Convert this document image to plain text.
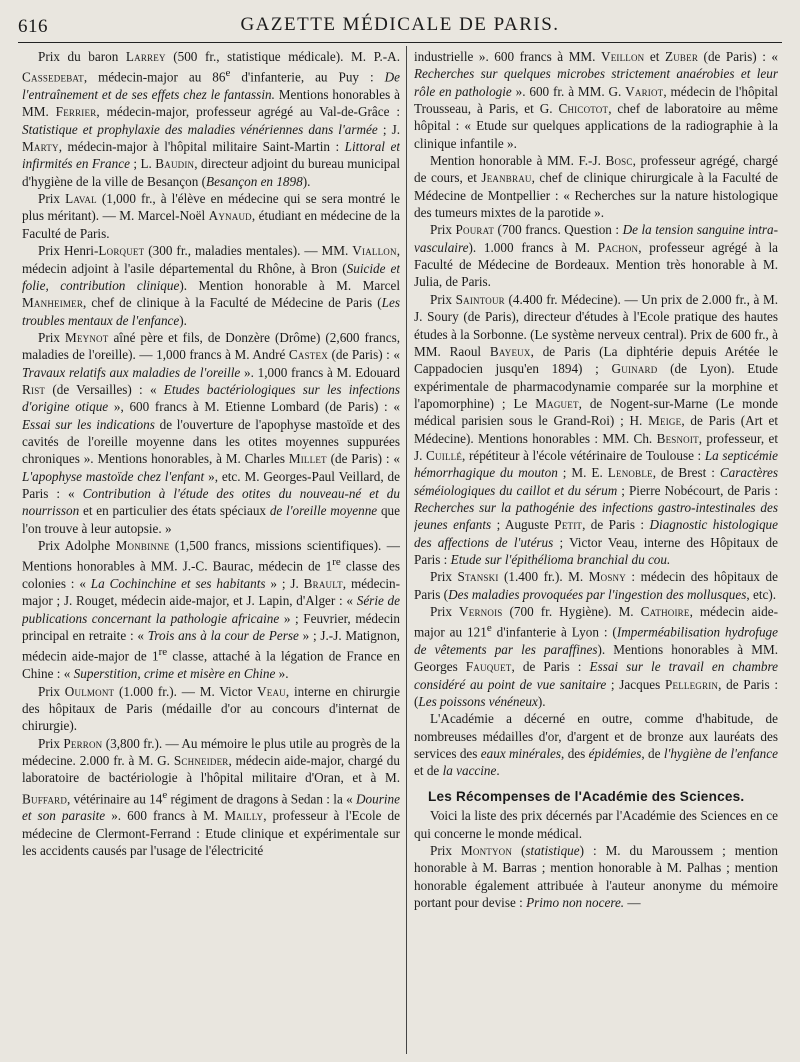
616	GAZETTE MÉDICALE DE PARIS.

Prix du baron Larrey (500 fr., statistique médicale). M. P.-A. Cassedebat, médecin-major au 86e d'infanterie, au Puy : De l'entraînement et de ses effets chez le fantassin. Mentions honorables à MM. Ferrier, médecin-major, professeur agrégé au Val-de-Grâce : Statistique et prophylaxie des maladies vénériennes dans l'armée ; J. Marty, médecin-major à l'hôpital militaire Saint-Martin : Littoral et infirmités en France ; L. Baudin, directeur adjoint du bureau municipal d'hygiène de la ville de Besançon (Besançon en 1898).

Prix Laval (1,000 fr., à l'élève en médecine qui se sera montré le plus méritant). — M. Marcel-Noël Aynaud, étudiant en médecine de la Faculté de Paris.

Prix Henri-Lorquet (300 fr., maladies mentales). — MM. Viallon, médecin adjoint à l'asile départemental du Rhône, à Bron (Suicide et folie, contribution clinique). Mention honorable à M. Marcel Manheimer, chef de clinique à la Faculté de Médecine de Paris (Les troubles mentaux de l'enfance).

Prix Meynot aîné père et fils, de Donzère (Drôme) (2,600 francs, maladies de l'oreille). — 1,000 francs à M. André Castex (de Paris) : « Travaux relatifs aux maladies de l'oreille ». 1,000 francs à M. Edouard Rist (de Versailles) : « Etudes bactériologiques sur les infections d'origine otique », 600 francs à M. Etienne Lombard (de Paris) : « Essai sur les indications de l'ouverture de l'apophyse mastoïde et des cavités de l'oreille moyenne dans les otites moyennes suppurées chroniques ». Mentions honorables, à M. Charles Millet (de Paris) : « L'apophyse mastoïde chez l'enfant », etc. M. Georges-Paul Veillard, de Paris : « Contribution à l'étude des otites du nouveau-né et du nourrisson et en particulier des états spéciaux de l'oreille moyenne que l'on trouve à leur autopsie. »

Prix Adolphe Monbinne (1,500 francs, missions scientifiques). — Mentions honorables à MM. J.-C. Baurac, médecin de 1re classe des colonies : « La Cochinchine et ses habitants » ; J. Brault, médecin-major ; J. Rouget, médecin aide-major, et J. Lapin, d'Alger : « Série de publications concernant la pathologie africaine » ; Feuvrier, médecin principal en retraite : « Trois ans à la cour de Perse » ; J.-J. Matignon, médecin aide-major de 1re classe, attaché à la légation de France en Chine : « Superstition, crime et misère en Chine ».

Prix Oulmont (1.000 fr.). — M. Victor Veau, interne en chirurgie des hôpitaux de Paris (médaille d'or au concours d'internat de chirurgie).

Prix Perron (3,800 fr.). — Au mémoire le plus utile au progrès de la médecine. 2.000 fr. à M. G. Schneider, médecin aide-major, chargé du laboratoire de bactériologie à l'hôpital militaire d'Oran, et à M. Buffard, vétérinaire au 14e régiment de dragons à Sedan : la « Dourine et son parasite ». 600 francs à M. Mailly, professeur à l'Ecole de médecine de Clermont-Ferrand : Etude clinique et expérimentale sur les accidents causés par l'usage de l'électricité

industrielle ». 600 francs à MM. Veillon et Zuber (de Paris) : « Recherches sur quelques microbes strictement anaérobies et leur rôle en pathologie ». 600 fr. à MM. G. Variot, médecin de l'hôpital Trousseau, à Paris, et G. Chicotot, chef de laboratoire au même hôpital : « Etude sur quelques applications de la radiographie à la clinique infantile ».

Mention honorable à MM. F.-J. Bosc, professeur agrégé, chargé de cours, et Jeanbrau, chef de clinique chirurgicale à la Faculté de Médecine de Montpellier : « Recherches sur la nature histologique des tumeurs mixtes de la parotide ».

Prix Pourat (700 francs. Question : De la tension sanguine intra-vasculaire). 1.000 francs à M. Pachon, professeur agrégé à la Faculté de Médecine de Bordeaux. Mention très honorable à M. Julia, de Paris.

Prix Saintour (4.400 fr. Médecine). — Un prix de 2.000 fr., à M. J. Soury (de Paris), directeur d'études à l'Ecole pratique des hautes études à la Sorbonne. (Le système nerveux central). Prix de 600 fr., à MM. Raoul Bayeux, de Paris (La diphtérie depuis Arétée le Cappadocien jusqu'en 1894) ; Guinard (de Lyon). Etude expérimentale de pharmacodynamie comparée sur la morphine et l'apomorphine) ; Le Maguet, de Nogent-sur-Marne (Le monde médical parisien sous le Grand-Roi) ; H. Meige, de Paris (Art et Médecine). Mentions honorables : MM. Ch. Besnoit, professeur, et J. Cuillé, répétiteur à l'école vétérinaire de Toulouse : La septicémie hémorrhagique du mouton ; M. E. Lenoble, de Brest : Caractères séméiologiques du caillot et du sérum ; Pierre Nobécourt, de Paris : Recherches sur la pathogénie des infections gastro-intestinales des jeunes enfants ; Auguste Petit, de Paris : Diagnostic histologique des affections de l'utérus ; Victor Veau, interne des Hôpitaux de Paris : Etude sur l'épithélioma branchial du cou.

Prix Stanski (1.400 fr.). M. Mosny : médecin des hôpitaux de Paris (Des maladies provoquées par l'ingestion des mollusques, etc).

Prix Vernois (700 fr. Hygiène). M. Cathoire, médecin aide-major au 121e d'infanterie à Lyon : (Imperméabilisation hydrofuge de vêtements par les paraffines). Mentions honorables à MM. Georges Fauquet, de Paris : Essai sur le travail en chambre considéré au point de vue sanitaire ; Jacques Pellegrin, de Paris : (Les poissons vénéneux).

L'Académie a décerné en outre, comme d'habitude, de nombreuses médailles d'or, d'argent et de bronze aux lauréats des services des eaux minérales, des épidémies, de l'hygiène de l'enfance et de la vaccine.

Les Récompenses de l'Académie des Sciences.

Voici la liste des prix décernés par l'Académie des Sciences en ce qui concerne le monde médical.

Prix Montyon (statistique) : M. du Maroussem ; mention honorable à M. Barras ; mention honorable à M. Palhas ; mention honorable également attribuée à l'auteur anonyme du mémoire portant pour devise : Primo non nocere. —
